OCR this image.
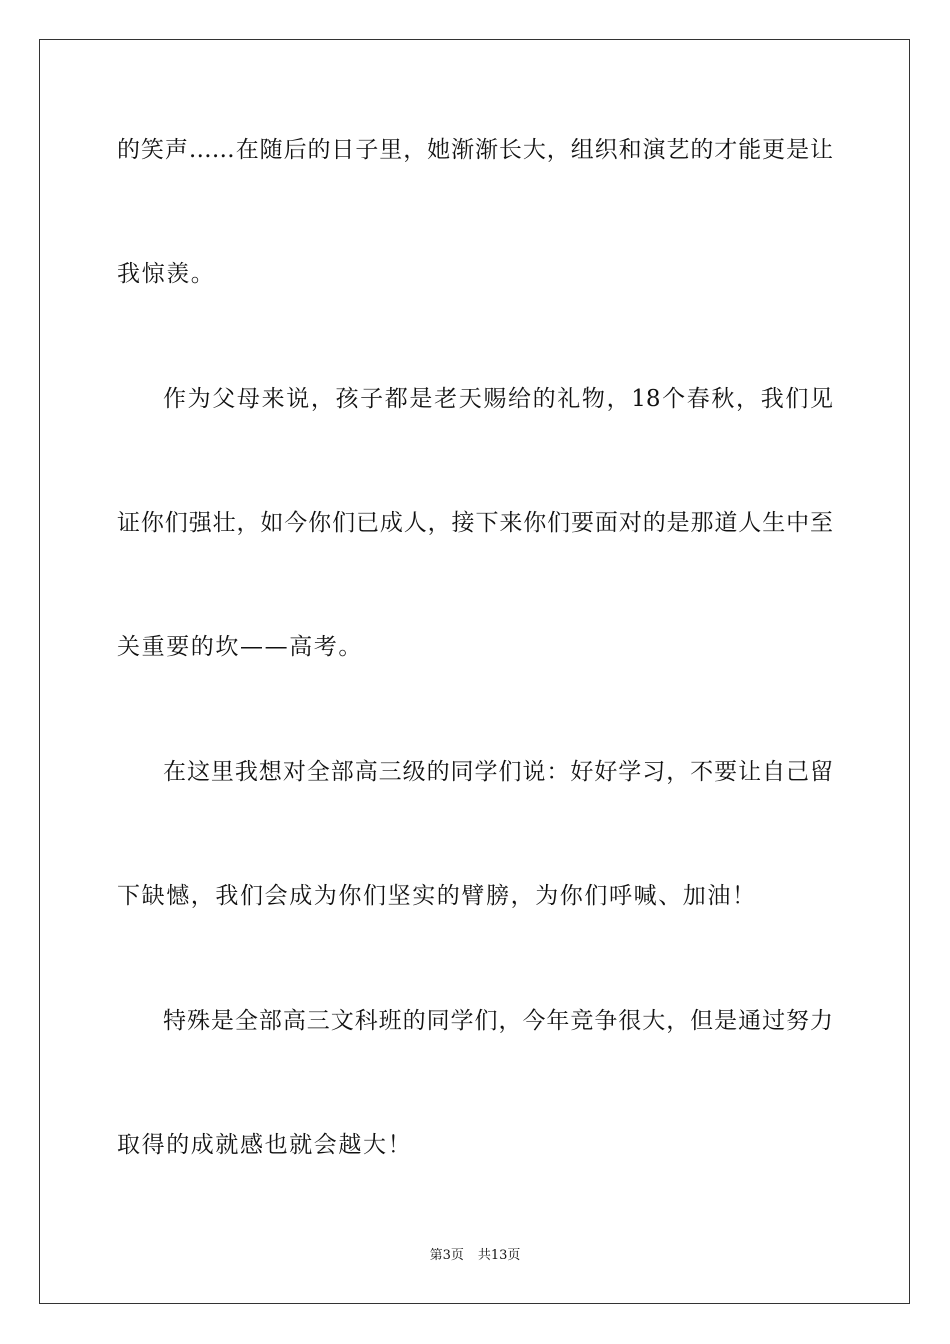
的笑声……在随后的日子里，她渐渐长大，组织和演艺的才能更是让
我惊羡。
作为父母来说，孩子都是老天赐给的礼物，18个春秋，我们见
证你们强壮，如今你们已成人，接下来你们要面对的是那道人生中至
关重要的坎——高考。
在这里我想对全部高三级的同学们说：好好学习，不要让自己留
下缺憾，我们会成为你们坚实的臂膀，为你们呼喊、加油！
特殊是全部高三文科班的同学们，今年竞争很大，但是通过努力
取得的成就感也就会越大！
第3页 共13页
